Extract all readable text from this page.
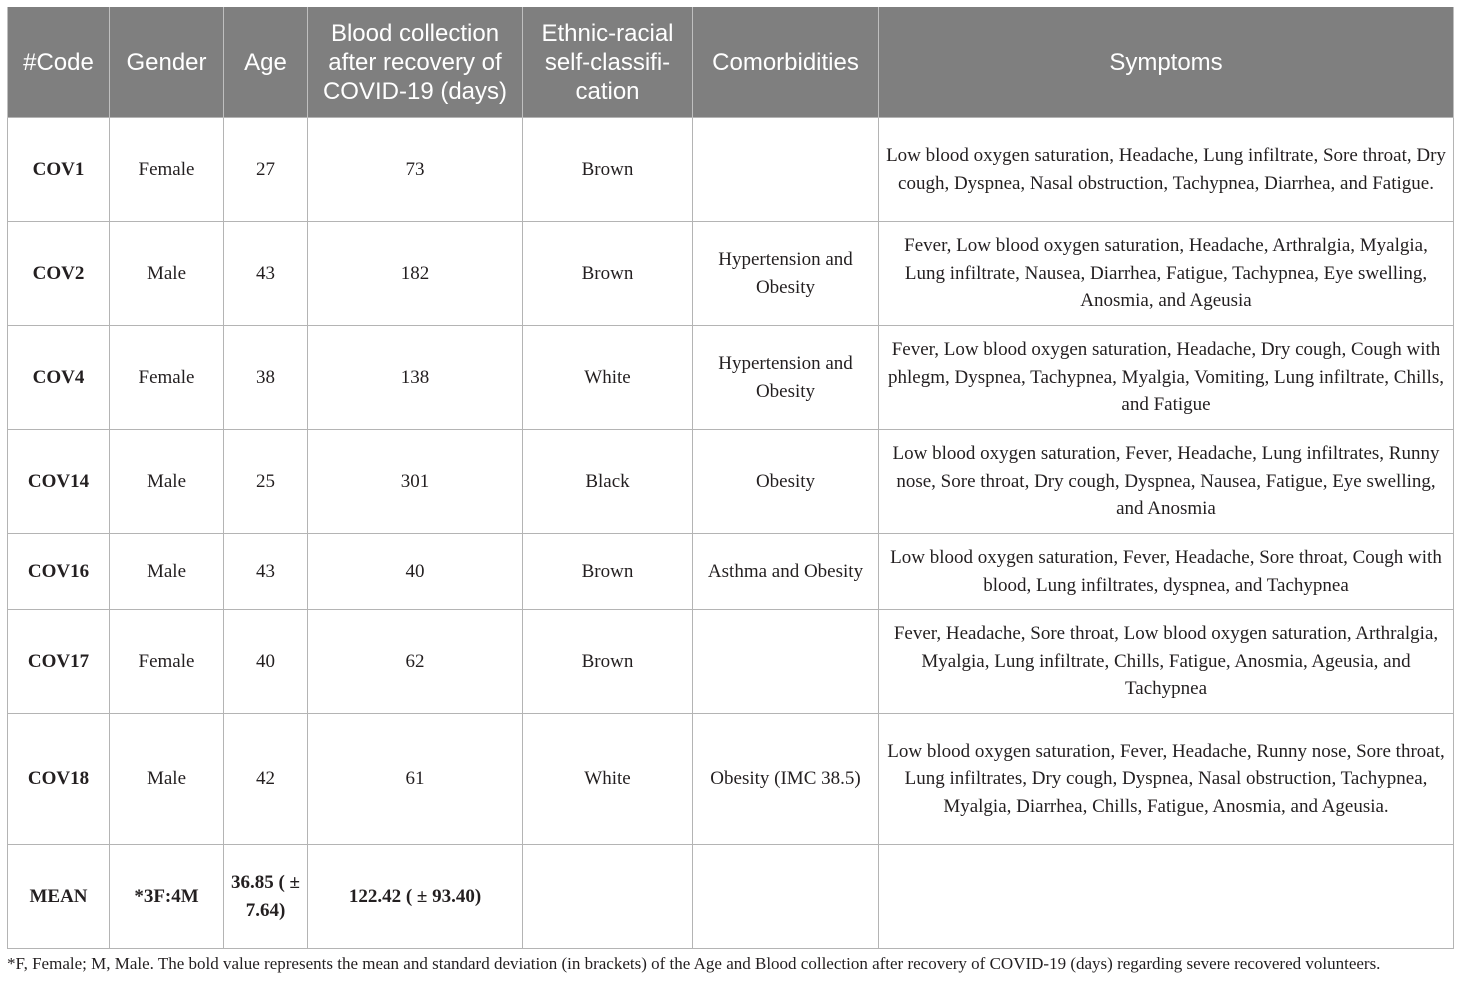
#Code	Gender	Age	Blood collection after recovery of COVID-19 (days)	Ethnic-racial self-classifi-cation	Comorbidities	Symptoms
COV1	Female	27	73	Brown		Low blood oxygen saturation, Headache, Lung infiltrate, Sore throat, Dry cough, Dyspnea, Nasal obstruction, Tachypnea, Diarrhea, and Fatigue.
COV2	Male	43	182	Brown	Hypertension and Obesity	Fever, Low blood oxygen saturation, Headache, Arthralgia, Myalgia, Lung infiltrate, Nausea, Diarrhea, Fatigue, Tachypnea, Eye swelling, Anosmia, and Ageusia
COV4	Female	38	138	White	Hypertension and Obesity	Fever, Low blood oxygen saturation, Headache, Dry cough, Cough with phlegm, Dyspnea, Tachypnea, Myalgia, Vomiting, Lung infiltrate, Chills, and Fatigue
COV14	Male	25	301	Black	Obesity	Low blood oxygen saturation, Fever, Headache, Lung infiltrates, Runny nose, Sore throat, Dry cough, Dyspnea, Nausea, Fatigue, Eye swelling, and Anosmia
COV16	Male	43	40	Brown	Asthma and Obesity	Low blood oxygen saturation, Fever, Headache, Sore throat, Cough with blood, Lung infiltrates, dyspnea, and Tachypnea
COV17	Female	40	62	Brown		Fever, Headache, Sore throat, Low blood oxygen saturation, Arthralgia, Myalgia, Lung infiltrate, Chills, Fatigue, Anosmia, Ageusia, and Tachypnea
COV18	Male	42	61	White	Obesity (IMC 38.5)	Low blood oxygen saturation, Fever, Headache, Runny nose, Sore throat, Lung infiltrates, Dry cough, Dyspnea, Nasal obstruction, Tachypnea, Myalgia, Diarrhea, Chills, Fatigue, Anosmia, and Ageusia.
MEAN	*3F:4M	36.85 ( ± 7.64)	122.42 ( ± 93.40)			
*F, Female; M, Male. The bold value represents the mean and standard deviation (in brackets) of the Age and Blood collection after recovery of COVID-19 (days) regarding severe recovered volunteers.
